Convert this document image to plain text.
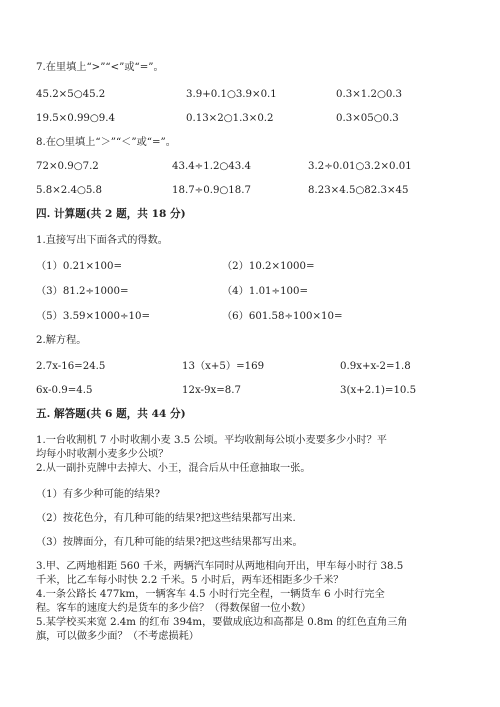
7.在里填上“>”“<”或“=”。
45.2×5○45.2	3.9+0.1○3.9×0.1	0.3×1.2○0.3
19.5×0.99○9.4	0.13×2○1.3×0.2	0.3×05○0.3
8.在○里填上“＞”“＜”或“=”。
72×0.9○7.2	43.4÷1.2○43.4	3.2÷0.01○3.2×0.01
5.8×2.4○5.8	18.7÷0.9○18.7	8.23×4.5○82.3×45
四. 计算题(共 2 题，共 18 分)
1.直接写出下面各式的得数。
（1）0.21×100=	（2）10.2×1000=
（3）81.2÷1000=	（4）1.01÷100=
（5）3.59×1000÷10=	（6）601.58÷100×10=
2.解方程。
2.7x-16=24.5	13（x+5）=169	0.9x+x-2=1.8
6x-0.9=4.5	12x-9x=8.7	3(x+2.1)=10.5
五. 解答题(共 6 题，共 44 分)
1.一台收割机 7 小时收割小麦 3.5 公顷。平均收割每公顷小麦要多少小时？平
均每小时收割小麦多少公顷？
2.从一副扑克牌中去掉大、小王，混合后从中任意抽取一张。
（1）有多少种可能的结果?
（2）按花色分，有几种可能的结果?把这些结果都写出来.
（3）按牌面分，有几种可能的结果?把这些结果都写出来。
3.甲、乙两地相距 560 千米，两辆汽车同时从两地相向开出，甲车每小时行 38.5
千米，比乙车每小时快 2.2 千米。5 小时后，两车还相距多少千米？
4.一条公路长 477km，一辆客车 4.5 小时行完全程，一辆货车 6 小时行完全
程。客车的速度大约是货车的多少倍？（得数保留一位小数）
5.某学校买来宽 2.4m 的红布 394m，要做成底边和高都是 0.8m 的红色直角三角
旗，可以做多少面？（不考虑损耗）
